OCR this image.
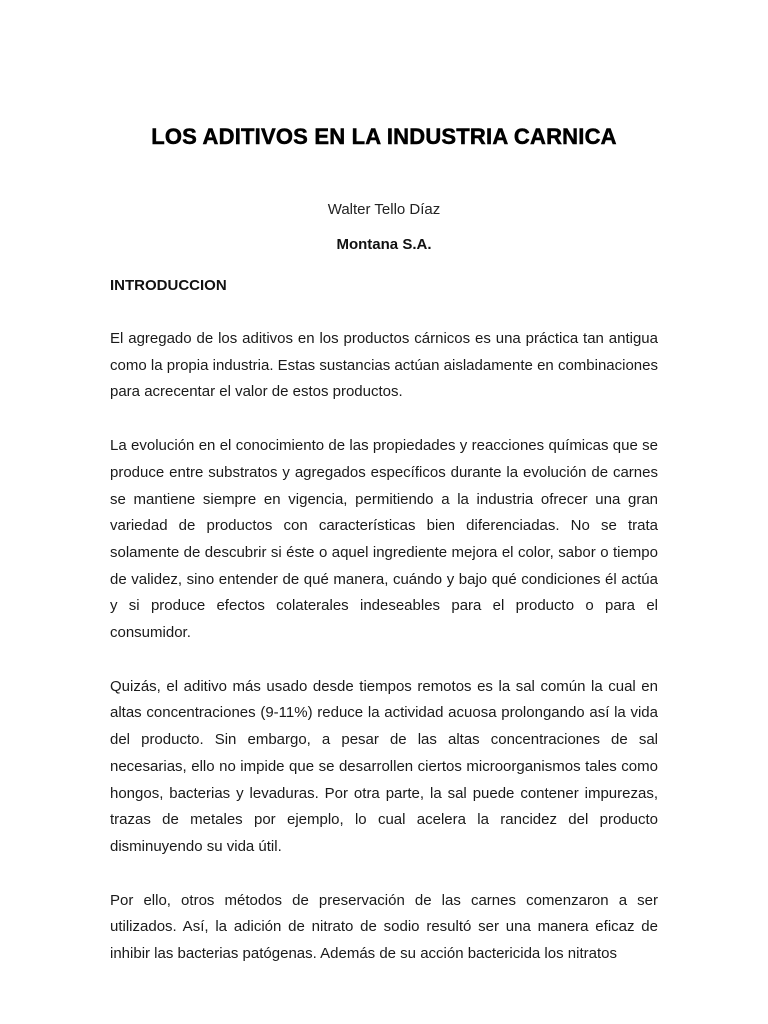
LOS ADITIVOS EN LA INDUSTRIA CARNICA

Walter Tello Díaz

Montana S.A.

INTRODUCCION

El agregado de los aditivos en los productos cárnicos es una práctica tan antigua como la propia industria. Estas sustancias actúan aisladamente en combinaciones para acrecentar el valor de estos productos.

La evolución en el conocimiento de las propiedades y reacciones químicas que se produce entre substratos y agregados específicos durante la evolución de carnes se mantiene siempre en vigencia, permitiendo a la industria ofrecer una gran variedad de productos con características bien diferenciadas. No se trata solamente de descubrir si éste o aquel ingrediente mejora el color, sabor o tiempo de validez, sino entender de qué manera, cuándo y bajo qué condiciones él actúa y si produce efectos colaterales indeseables para el producto o para el consumidor.

Quizás, el aditivo más usado desde tiempos remotos es la sal común la cual en altas concentraciones (9-11%) reduce la actividad acuosa prolongando así la vida del producto. Sin embargo, a pesar de las altas concentraciones de sal necesarias, ello no impide que se desarrollen ciertos microorganismos tales como hongos, bacterias y levaduras. Por otra parte, la sal puede contener impurezas, trazas de metales por ejemplo, lo cual acelera la rancidez del producto disminuyendo su vida útil.

Por ello, otros métodos de preservación de las carnes comenzaron a ser utilizados. Así, la adición de nitrato de sodio resultó ser una manera eficaz de inhibir las bacterias patógenas. Además de su acción bactericida los nitratos
